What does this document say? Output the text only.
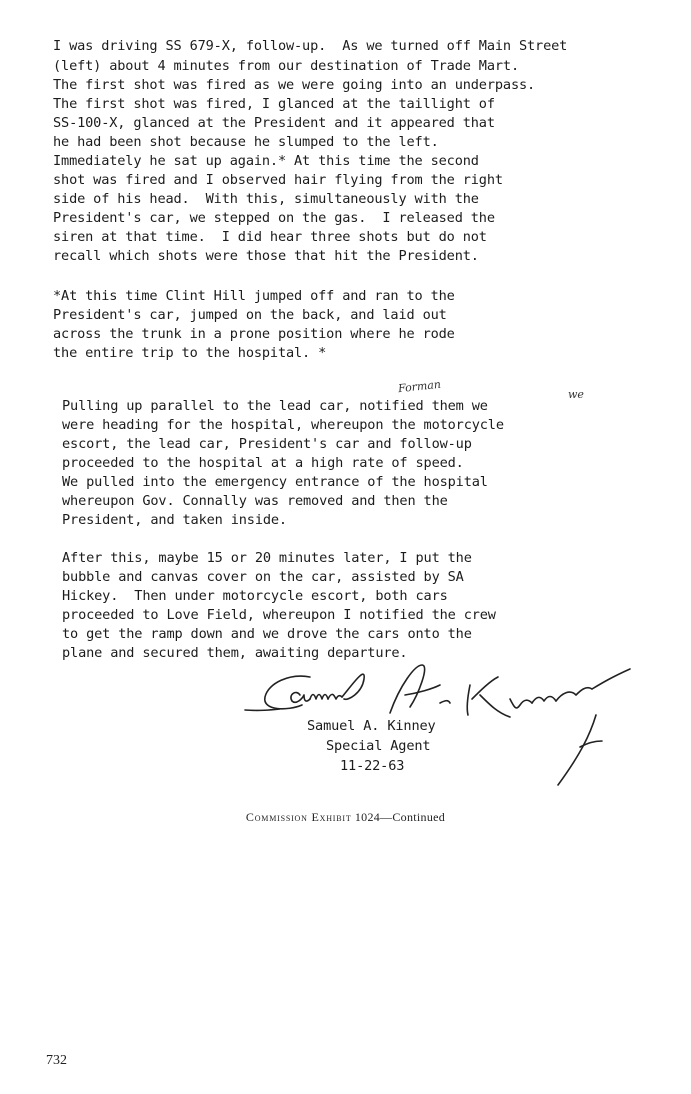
I was driving SS 679-X, follow-up.  As we turned off Main Street
(left) about 4 minutes from our destination of Trade Mart.
The first shot was fired as we were going into an underpass.
The first shot was fired, I glanced at the taillight of
SS-100-X, glanced at the President and it appeared that
he had been shot because he slumped to the left.
Immediately he sat up again.* At this time the second
shot was fired and I observed hair flying from the right
side of his head.  With this, simultaneously with the
President's car, we stepped on the gas.  I released the
siren at that time.  I did hear three shots but do not
recall which shots were those that hit the President.
*At this time Clint Hill jumped off and ran to the
President's car, jumped on the back, and laid out
across the trunk in a prone position where he rode
the entire trip to the hospital. *
Forman	we
Pulling up parallel to the lead car, notified them we
were heading for the hospital, whereupon the motorcycle
escort, the lead car, President's car and follow-up
proceeded to the hospital at a high rate of speed.
We pulled into the emergency entrance of the hospital
whereupon Gov. Connally was removed and then the
President, and taken inside.
After this, maybe 15 or 20 minutes later, I put the
bubble and canvas cover on the car, assisted by SA
Hickey.  Then under motorcycle escort, both cars
proceeded to Love Field, whereupon I notified the crew
to get the ramp down and we drove the cars onto the
plane and secured them, awaiting departure.
Samuel A. Kinney
Special Agent
11-22-63
Commission Exhibit 1024—Continued
732
